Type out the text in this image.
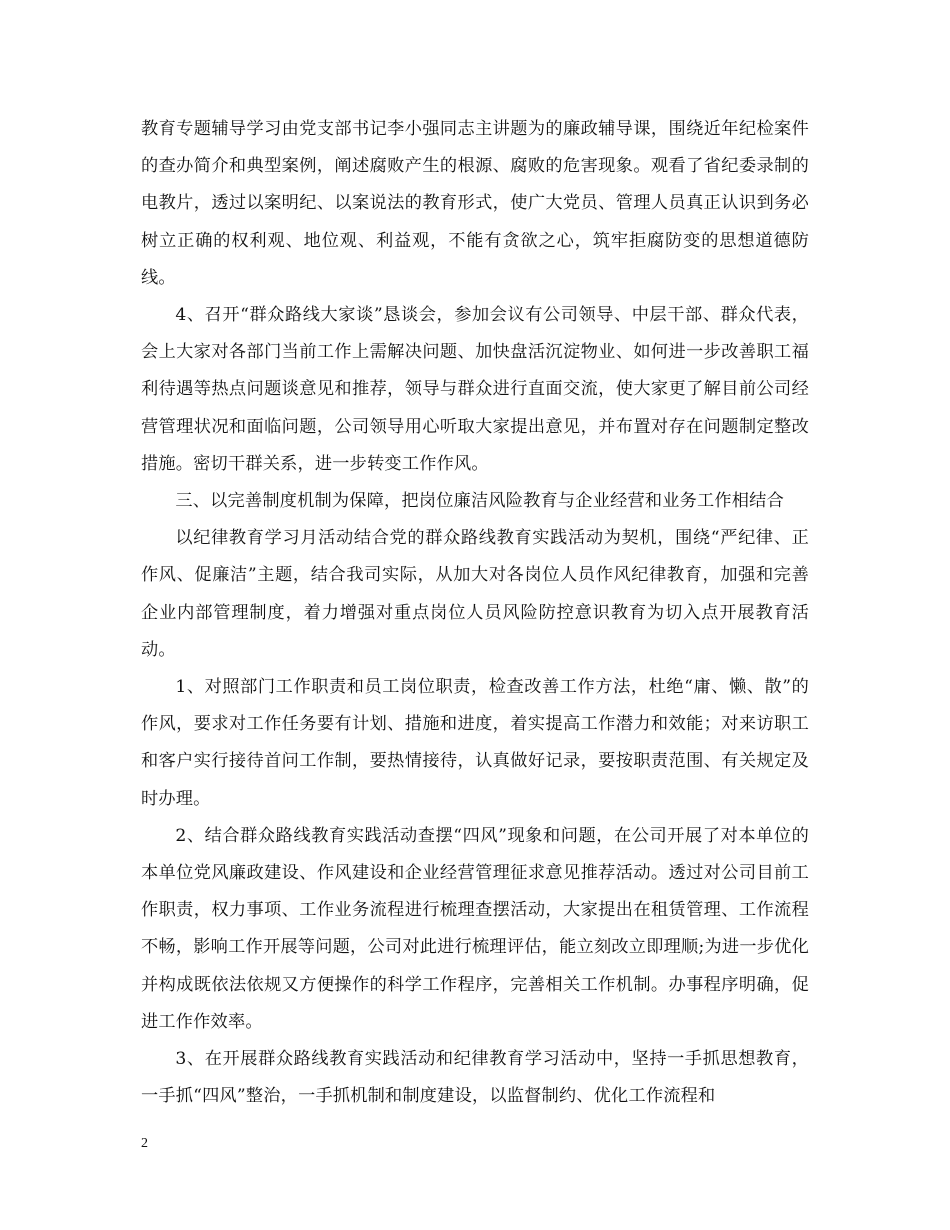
教育专题辅导学习由党支部书记李小强同志主讲题为的廉政辅导课，围绕近年纪检案件的查办简介和典型案例，阐述腐败产生的根源、腐败的危害现象。观看了省纪委录制的电教片，透过以案明纪、以案说法的教育形式，使广大党员、管理人员真正认识到务必树立正确的权利观、地位观、利益观，不能有贪欲之心，筑牢拒腐防变的思想道德防线。

4、召开“群众路线大家谈”恳谈会，参加会议有公司领导、中层干部、群众代表，会上大家对各部门当前工作上需解决问题、加快盘活沉淀物业、如何进一步改善职工福利待遇等热点问题谈意见和推荐，领导与群众进行直面交流，使大家更了解目前公司经营管理状况和面临问题，公司领导用心听取大家提出意见，并布置对存在问题制定整改措施。密切干群关系，进一步转变工作作风。

三、以完善制度机制为保障，把岗位廉洁风险教育与企业经营和业务工作相结合

以纪律教育学习月活动结合党的群众路线教育实践活动为契机，围绕“严纪律、正作风、促廉洁”主题，结合我司实际，从加大对各岗位人员作风纪律教育，加强和完善企业内部管理制度，着力增强对重点岗位人员风险防控意识教育为切入点开展教育活动。

1、对照部门工作职责和员工岗位职责，检查改善工作方法，杜绝“庸、懒、散”的作风，要求对工作任务要有计划、措施和进度，着实提高工作潜力和效能；对来访职工和客户实行接待首问工作制，要热情接待，认真做好记录，要按职责范围、有关规定及时办理。

2、结合群众路线教育实践活动查摆“四风”现象和问题，在公司开展了对本单位的本单位党风廉政建设、作风建设和企业经营管理征求意见推荐活动。透过对公司目前工作职责，权力事项、工作业务流程进行梳理查摆活动，大家提出在租赁管理、工作流程不畅，影响工作开展等问题，公司对此进行梳理评估，能立刻改立即理顺;为进一步优化并构成既依法依规又方便操作的科学工作程序，完善相关工作机制。办事程序明确，促进工作作效率。

3、在开展群众路线教育实践活动和纪律教育学习活动中，坚持一手抓思想教育，一手抓“四风”整治，一手抓机制和制度建设，以监督制约、优化工作流程和

2
